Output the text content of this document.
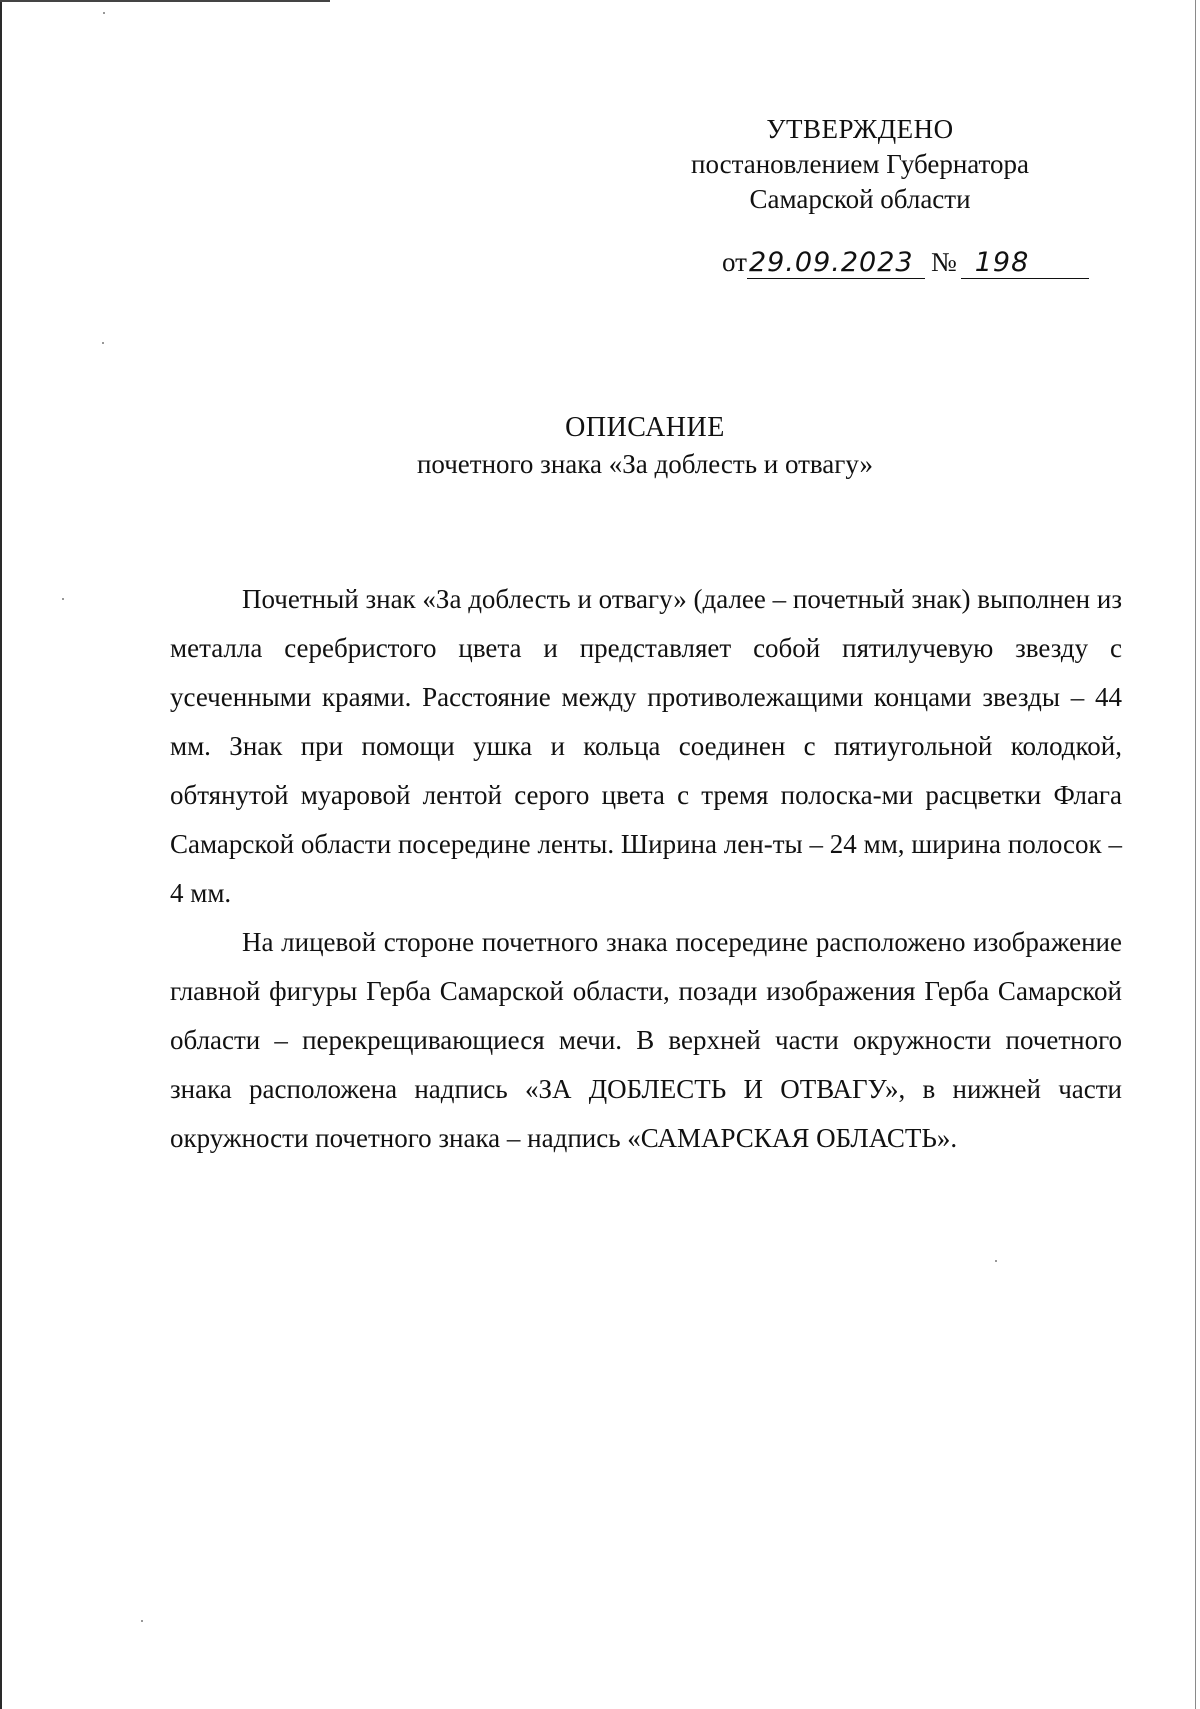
УТВЕРЖДЕНО
постановлением Губернатора
Самарской области
от29.09.2023 № 198
ОПИСАНИЕ
почетного знака «За доблесть и отвагу»

Почетный знак «За доблесть и отвагу» (далее – почетный знак) выполнен из металла серебристого цвета и представляет собой пятилучевую звезду с усеченными краями. Расстояние между противолежащими концами звезды – 44 мм. Знак при помощи ушка и кольца соединен с пятиугольной колодкой, обтянутой муаровой лентой серого цвета с тремя полоска-ми расцветки Флага Самарской области посередине ленты. Ширина лен-ты – 24 мм, ширина полосок – 4 мм.

На лицевой стороне почетного знака посередине расположено изображение главной фигуры Герба Самарской области, позади изображения Герба Самарской области – перекрещивающиеся мечи. В верхней части окружности почетного знака расположена надпись «ЗА ДОБЛЕСТЬ И ОТВАГУ», в нижней части окружности почетного знака – надпись «САМАРСКАЯ ОБЛАСТЬ».
